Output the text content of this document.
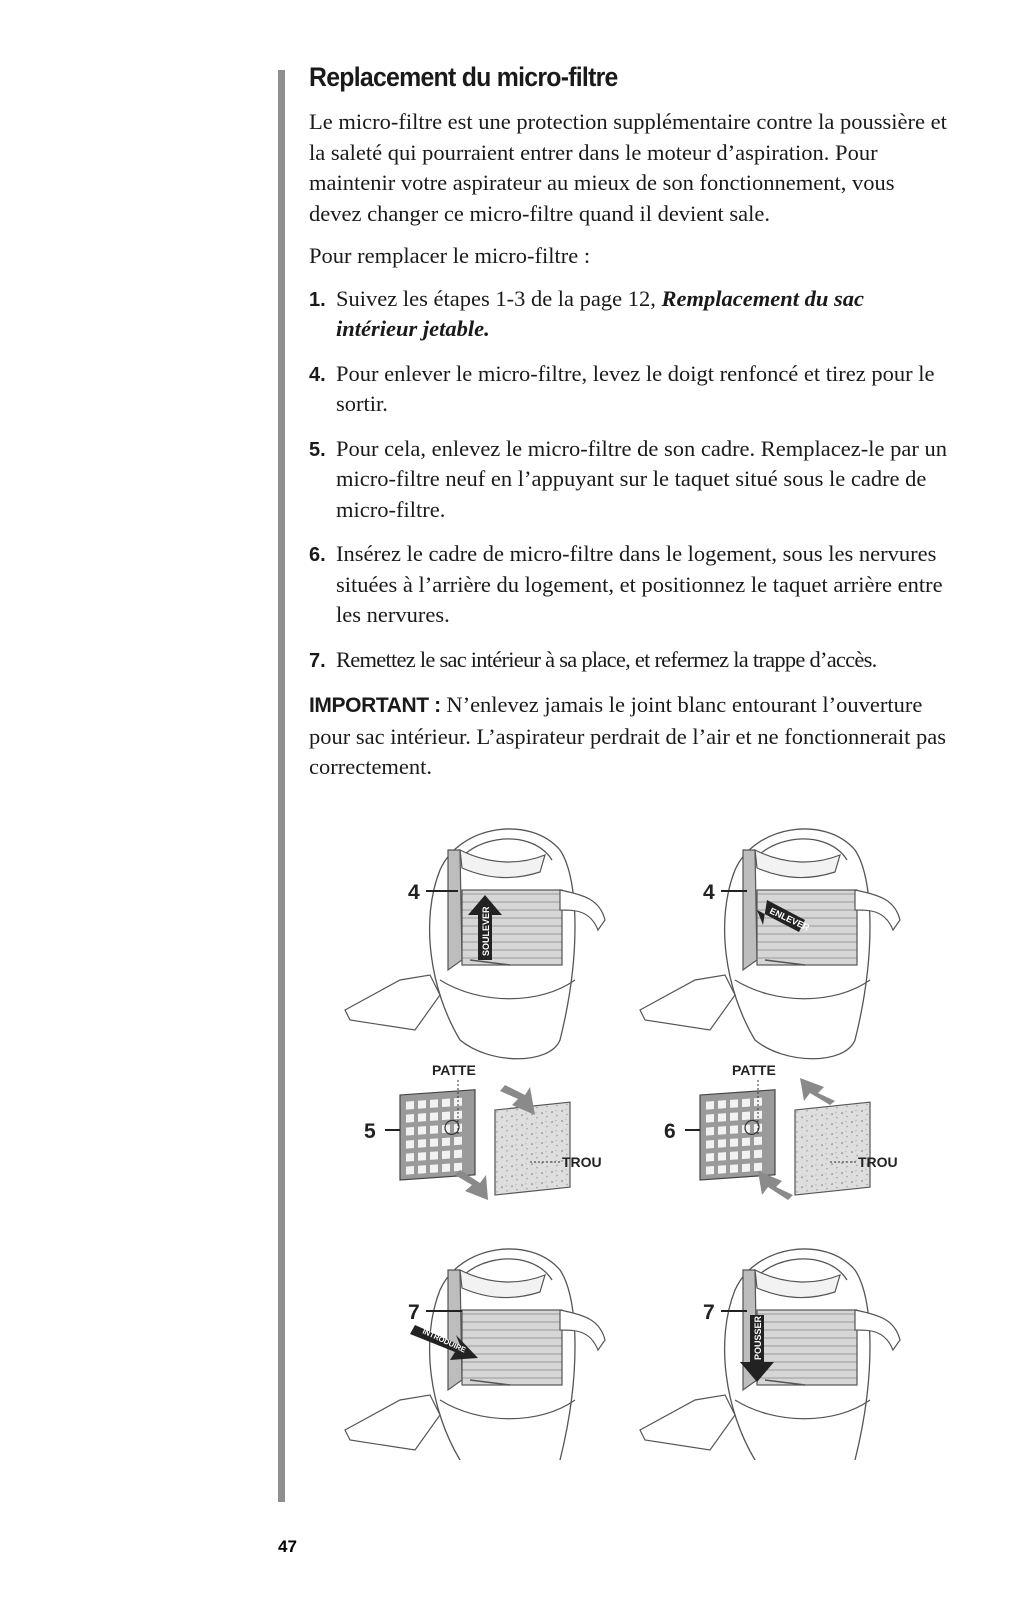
Replacement du micro-filtre

Le micro-filtre est une protection supplémentaire contre la poussière et la saleté qui pourraient entrer dans le moteur d’aspiration. Pour maintenir votre aspirateur au mieux de son fonctionnement, vous devez changer ce micro-filtre quand il devient sale.

Pour remplacer le micro-filtre :

1. Suivez les étapes 1-3 de la page 12, Remplacement du sac intérieur jetable.
4. Pour enlever le micro-filtre, levez le doigt renfoncé et tirez pour le sortir.
5. Pour cela, enlevez le micro-filtre de son cadre. Remplacez-le par un micro-filtre neuf en l’appuyant sur le taquet situé sous le cadre de micro-filtre.
6. Insérez le cadre de micro-filtre dans le logement, sous les nervures situées à l’arrière du logement, et positionnez le taquet arrière entre les nervures.
7. Remettez le sac intérieur à sa place, et refermez la trappe d’accès.

IMPORTANT : N’enlevez jamais le joint blanc entourant l’ouverture pour sac intérieur. L’aspirateur perdrait de l’air et ne fonctionnerait pas correctement.

SOULEVER
4
ENLEVER
4
PATTE
TROU
5
PATTE
TROU
6
INTRODUIRE
7
POUSSER
7
47
